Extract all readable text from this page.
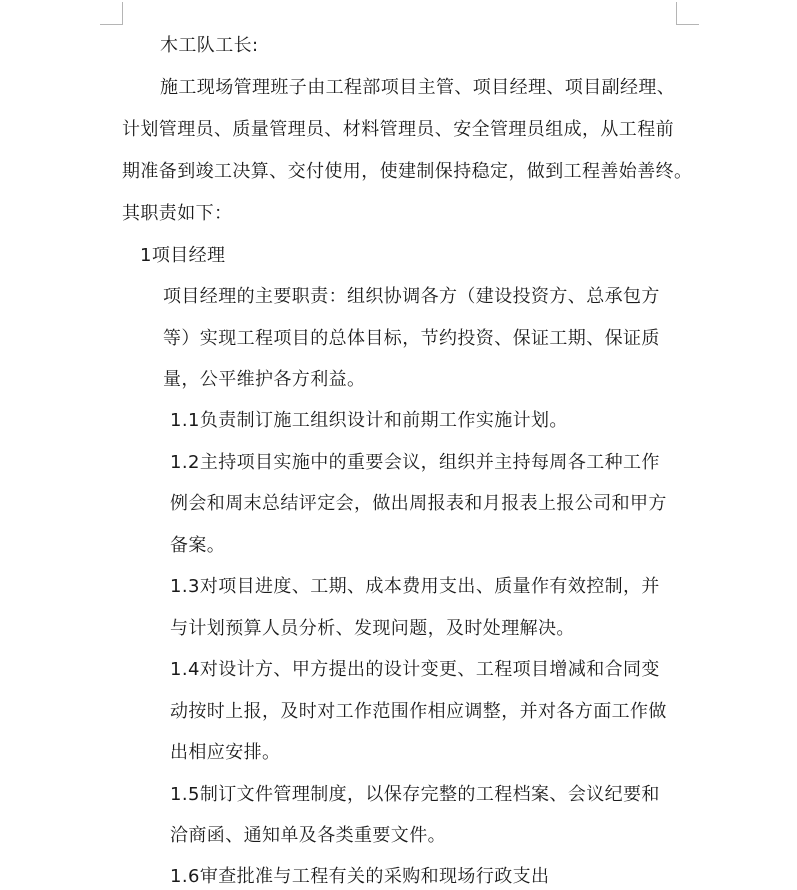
木工队工长:

施工现场管理班子由工程部项目主管、项目经理、项目副经理、

计划管理员、质量管理员、材料管理员、安全管理员组成，从工程前

期准备到竣工决算、交付使用，使建制保持稳定，做到工程善始善终。

其职责如下：

1项目经理

项目经理的主要职责：组织协调各方（建设投资方、总承包方

等）实现工程项目的总体目标，节约投资、保证工期、保证质

量，公平维护各方利益。

1.1负责制订施工组织设计和前期工作实施计划。

1.2主持项目实施中的重要会议，组织并主持每周各工种工作

例会和周末总结评定会，做出周报表和月报表上报公司和甲方

备案。

1.3对项目进度、工期、成本费用支出、质量作有效控制，并

与计划预算人员分析、发现问题，及时处理解决。

1.4对设计方、甲方提出的设计变更、工程项目增减和合同变

动按时上报，及时对工作范围作相应调整，并对各方面工作做

出相应安排。

1.5制订文件管理制度，以保存完整的工程档案、会议纪要和

洽商函、通知单及各类重要文件。

1.6审查批准与工程有关的采购和现场行政支出
